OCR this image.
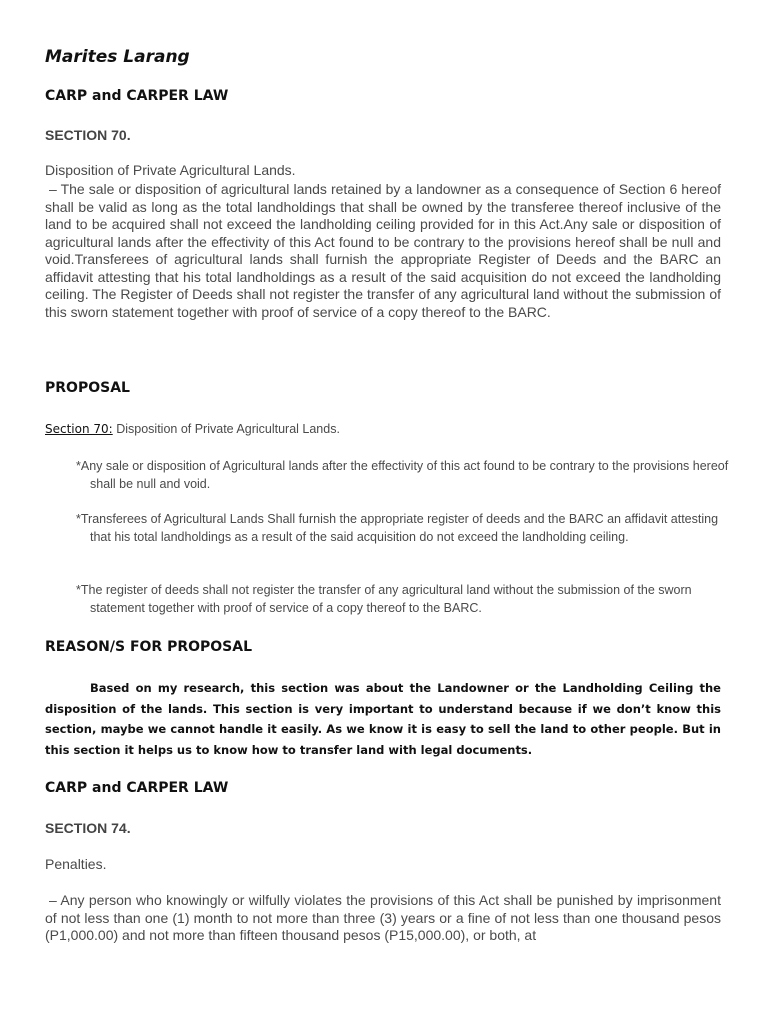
Marites Larang
CARP and CARPER LAW
SECTION 70.
Disposition of Private Agricultural Lands.
– The sale or disposition of agricultural lands retained by a landowner as a consequence of Section 6 hereof shall be valid as long as the total landholdings that shall be owned by the transferee thereof inclusive of the land to be acquired shall not exceed the landholding ceiling provided for in this Act.Any sale or disposition of agricultural lands after the effectivity of this Act found to be contrary to the provisions hereof shall be null and void.Transferees of agricultural lands shall furnish the appropriate Register of Deeds and the BARC an affidavit attesting that his total landholdings as a result of the said acquisition do not exceed the landholding ceiling. The Register of Deeds shall not register the transfer of any agricultural land without the submission of this sworn statement together with proof of service of a copy thereof to the BARC.
PROPOSAL
Section 70: Disposition of Private Agricultural Lands.
*Any sale or disposition of Agricultural lands after the effectivity of this act found to be contrary to the provisions hereof shall be null and void.
*Transferees of Agricultural Lands Shall furnish the appropriate register of deeds and the BARC an affidavit attesting that his total landholdings as a result of the said acquisition do not exceed the landholding ceiling.
*The register of deeds shall not register the transfer of any agricultural land without the submission of the sworn statement together with proof of service of a copy thereof to the BARC.
REASON/S FOR PROPOSAL
Based on my research, this section was about the Landowner or the Landholding Ceiling the disposition of the lands. This section is very important to understand because if we don’t know this section, maybe we cannot handle it easily. As we know it is easy to sell the land to other people. But in this section it helps us to know how to transfer land with legal documents.
CARP and CARPER LAW
SECTION 74.
Penalties.
– Any person who knowingly or wilfully violates the provisions of this Act shall be punished by imprisonment of not less than one (1) month to not more than three (3) years or a fine of not less than one thousand pesos (P1,000.00) and not more than fifteen thousand pesos (P15,000.00), or both, at
